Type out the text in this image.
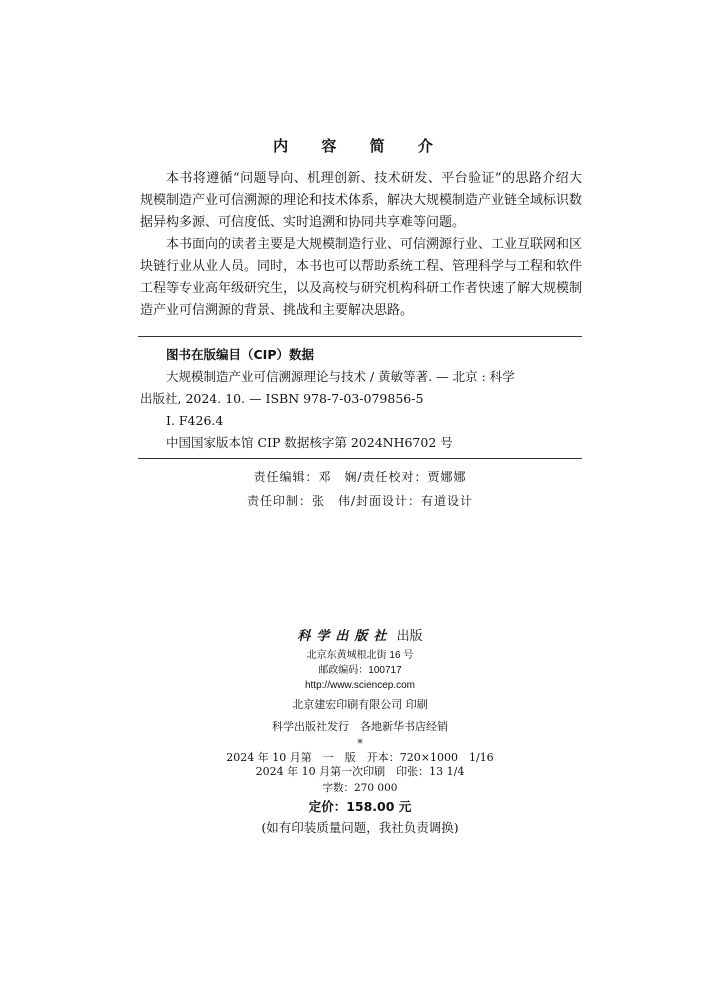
内 容 简 介

本书将遵循“问题导向、机理创新、技术研发、平台验证”的思路介绍大规模制造产业可信溯源的理论和技术体系，解决大规模制造产业链全域标识数据异构多源、可信度低、实时追溯和协同共享难等问题。

本书面向的读者主要是大规模制造行业、可信溯源行业、工业互联网和区块链行业从业人员。同时，本书也可以帮助系统工程、管理科学与工程和软件工程等专业高年级研究生，以及高校与研究机构科研工作者快速了解大规模制造产业可信溯源的背景、挑战和主要解决思路。

图书在版编目（CIP）数据
大规模制造产业可信溯源理论与技术 / 黄敏等著. — 北京 : 科学
出版社, 2024. 10. — ISBN 978-7-03-079856-5
Ⅰ. F426.4
中国国家版本馆 CIP 数据核字第 2024NH6702 号
责任编辑：邓　娴/责任校对：贾娜娜
责任印制：张　伟/封面设计：有道设计
科学出版社 出版
北京东黄城根北街 16 号
邮政编码：100717
http://www.sciencep.com
北京建宏印刷有限公司 印刷
科学出版社发行　各地新华书店经销
*
2024 年 10 月第　一　版　开本：720×1000　1/16
2024 年 10 月第一次印刷　印张：13 1/4
字数：270 000
定价：158.00 元
(如有印装质量问题，我社负责调换)
